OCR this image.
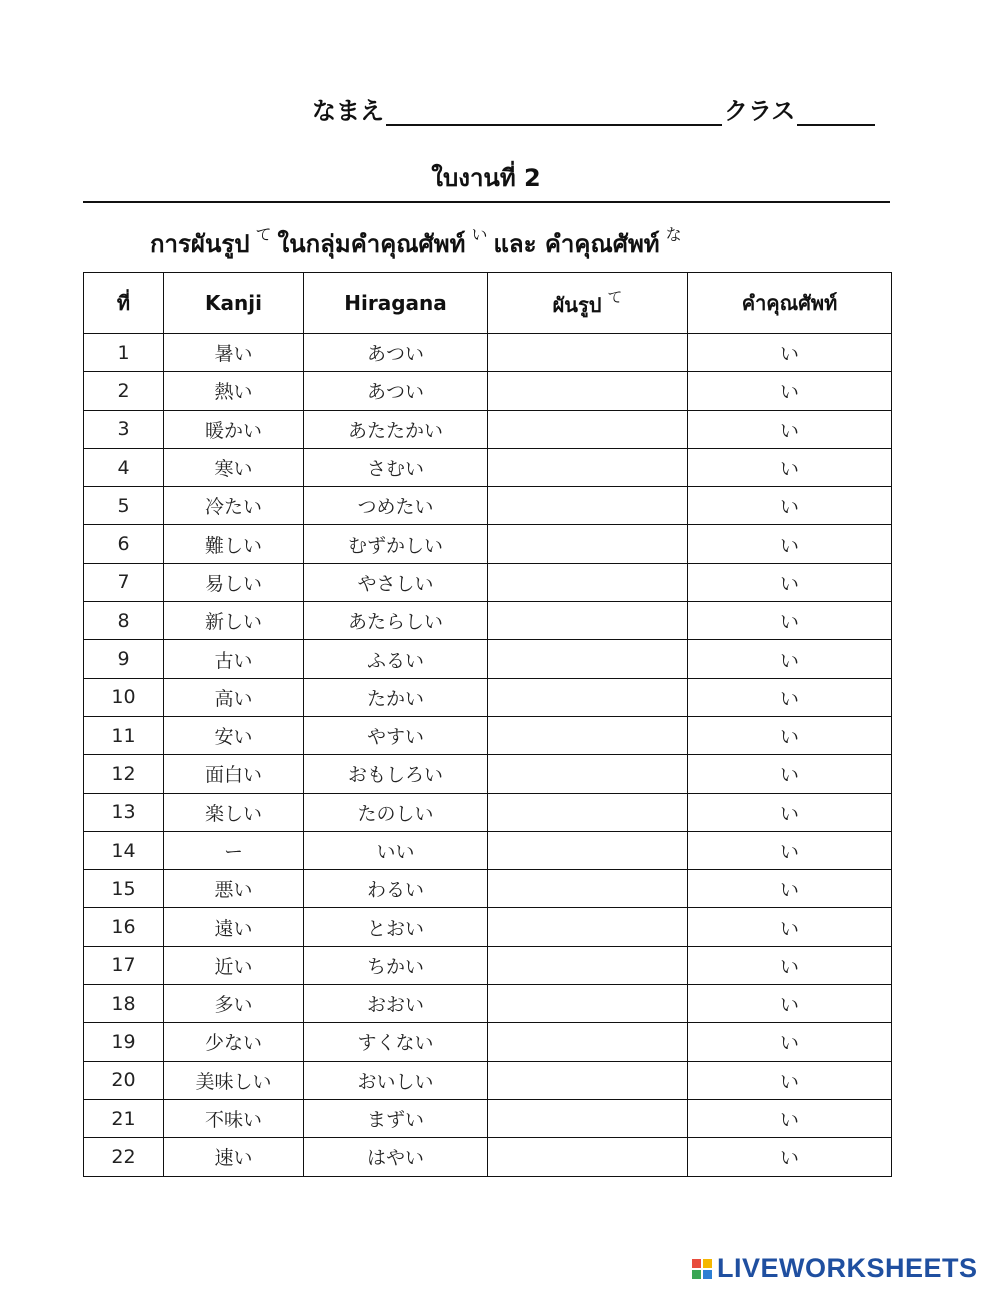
なまえ	クラス
ใบงานที่ 2
การผันรูป $^て$ ในกลุ่มคำคุณศัพท์ $^い$ และ คำคุณศัพท์ $^な$
ที่	Kanji	Hiragana	ผันรูป $^て$	คำคุณศัพท์
1	暑い	あつい		い
2	熱い	あつい		い
3	暖かい	あたたかい		い
4	寒い	さむい		い
5	冷たい	つめたい		い
6	難しい	むずかしい		い
7	易しい	やさしい		い
8	新しい	あたらしい		い
9	古い	ふるい		い
10	高い	たかい		い
11	安い	やすい		い
12	面白い	おもしろい		い
13	楽しい	たのしい		い
14	ー	いい		い
15	悪い	わるい		い
16	遠い	とおい		い
17	近い	ちかい		い
18	多い	おおい		い
19	少ない	すくない		い
20	美味しい	おいしい		い
21	不味い	まずい		い
22	速い	はやい		い
LIVEWORKSHEETS
